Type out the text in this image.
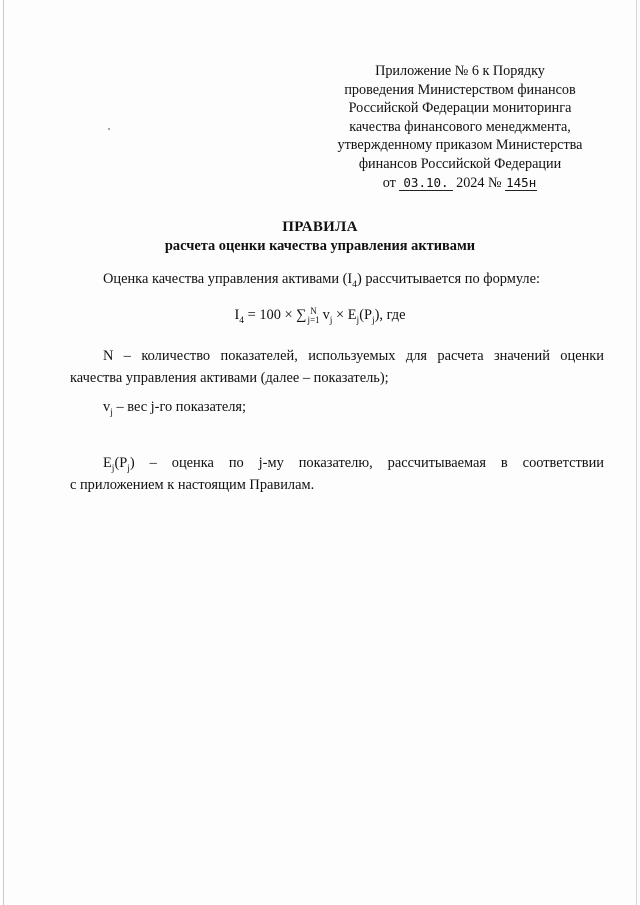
Приложение № 6 к Порядку
проведения Министерством финансов
Российской Федерации мониторинга
качества финансового менеджмента,
утвержденному приказом Министерства
финансов Российской Федерации
от 03.10. 2024 № 145н
ПРАВИЛА
расчета оценки качества управления активами
Оценка качества управления активами $(I_4)$ рассчитывается по формуле:
$I_4 = 100$ × ∑ N
j=1 $v_j \times E_j(P_j)$, где
N – количество показателей, используемых для расчета значений оценки качества управления активами (далее – показатель);
$v_j$ – вес j-го показателя;
$E_j(P_j)$ – оценка по j-му показателю, рассчитываемая в соответствии
с приложением к настоящим Правилам.
